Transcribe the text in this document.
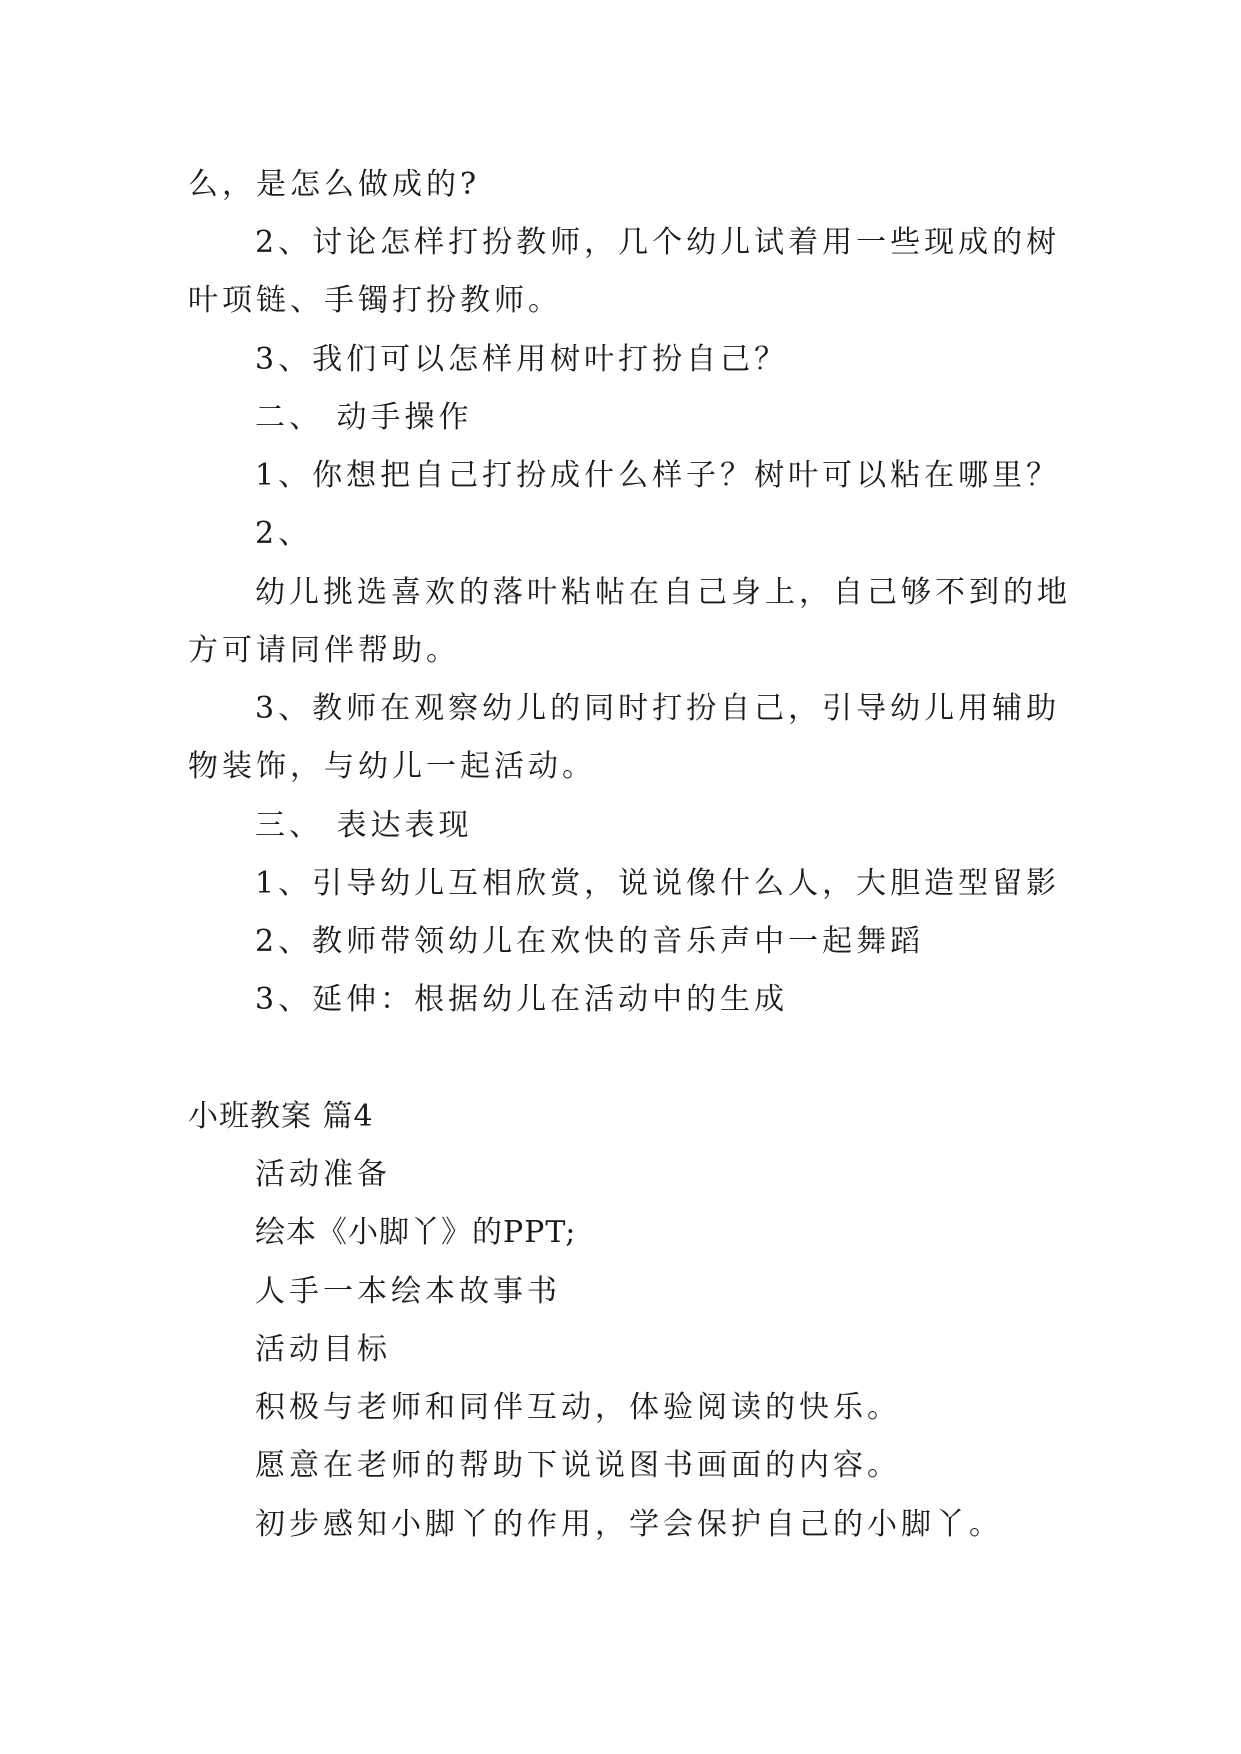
么，是怎么做成的?
2、讨论怎样打扮教师，几个幼儿试着用一些现成的树
叶项链、手镯打扮教师。
3、我们可以怎样用树叶打扮自己？
二、 动手操作
1、你想把自己打扮成什么样子？树叶可以粘在哪里？
2、
幼儿挑选喜欢的落叶粘帖在自己身上，自己够不到的地
方可请同伴帮助。
3、教师在观察幼儿的同时打扮自己，引导幼儿用辅助
物装饰，与幼儿一起活动。
三、 表达表现
1、引导幼儿互相欣赏，说说像什么人，大胆造型留影
2、教师带领幼儿在欢快的音乐声中一起舞蹈
3、延伸：根据幼儿在活动中的生成
小班教案 篇4
活动准备
绘本《小脚丫》的PPT;
人手一本绘本故事书
活动目标
积极与老师和同伴互动，体验阅读的快乐。
愿意在老师的帮助下说说图书画面的内容。
初步感知小脚丫的作用，学会保护自己的小脚丫。
